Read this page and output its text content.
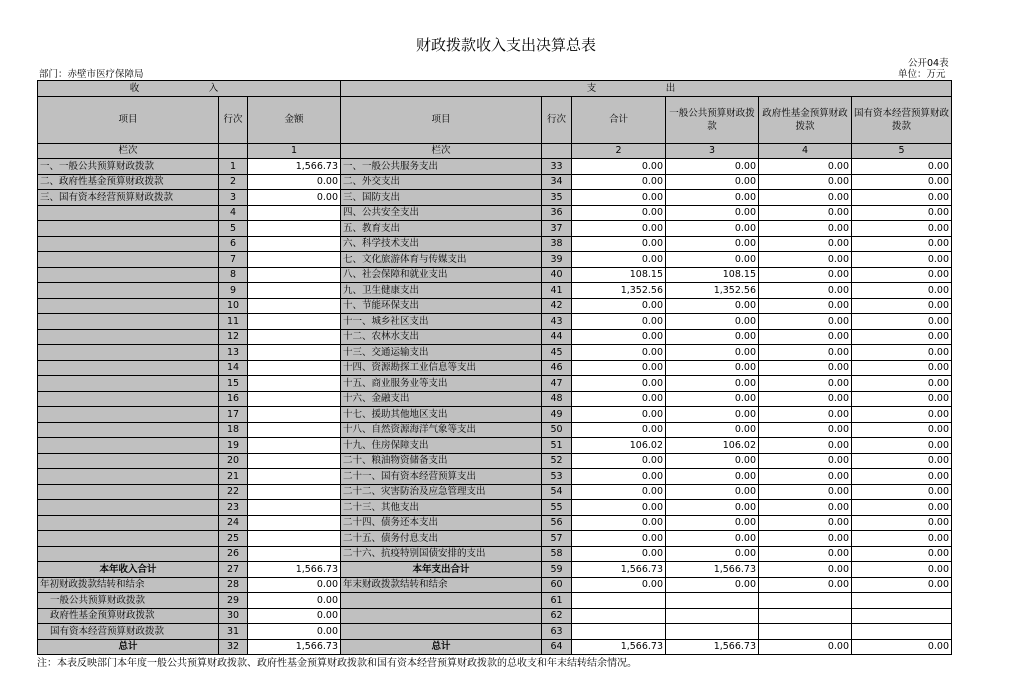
财政拨款收入支出决算总表
公开04表
部门：赤壁市医疗保障局	单位：万元
收　入			支　出					
项目	行次	金额	项目	行次	合计	一般公共预算财政拨款	政府性基金预算财政拨款	国有资本经营预算财政拨款
栏次		1	栏次		2	3	4	5
一、一般公共预算财政拨款	1	1,566.73	一、一般公共服务支出	33	0.00	0.00	0.00	0.00
二、政府性基金预算财政拨款	2	0.00	二、外交支出	34	0.00	0.00	0.00	0.00
三、国有资本经营预算财政拨款	3	0.00	三、国防支出	35	0.00	0.00	0.00	0.00
	4		四、公共安全支出	36	0.00	0.00	0.00	0.00
	5		五、教育支出	37	0.00	0.00	0.00	0.00
	6		六、科学技术支出	38	0.00	0.00	0.00	0.00
	7		七、文化旅游体育与传媒支出	39	0.00	0.00	0.00	0.00
	8		八、社会保障和就业支出	40	108.15	108.15	0.00	0.00
	9		九、卫生健康支出	41	1,352.56	1,352.56	0.00	0.00
	10		十、节能环保支出	42	0.00	0.00	0.00	0.00
	11		十一、城乡社区支出	43	0.00	0.00	0.00	0.00
	12		十二、农林水支出	44	0.00	0.00	0.00	0.00
	13		十三、交通运输支出	45	0.00	0.00	0.00	0.00
	14		十四、资源勘探工业信息等支出	46	0.00	0.00	0.00	0.00
	15		十五、商业服务业等支出	47	0.00	0.00	0.00	0.00
	16		十六、金融支出	48	0.00	0.00	0.00	0.00
	17		十七、援助其他地区支出	49	0.00	0.00	0.00	0.00
	18		十八、自然资源海洋气象等支出	50	0.00	0.00	0.00	0.00
	19		十九、住房保障支出	51	106.02	106.02	0.00	0.00
	20		二十、粮油物资储备支出	52	0.00	0.00	0.00	0.00
	21		二十一、国有资本经营预算支出	53	0.00	0.00	0.00	0.00
	22		二十二、灾害防治及应急管理支出	54	0.00	0.00	0.00	0.00
	23		二十三、其他支出	55	0.00	0.00	0.00	0.00
	24		二十四、债务还本支出	56	0.00	0.00	0.00	0.00
	25		二十五、债务付息支出	57	0.00	0.00	0.00	0.00
	26		二十六、抗疫特别国债安排的支出	58	0.00	0.00	0.00	0.00
本年收入合计	27	1,566.73	本年支出合计	59	1,566.73	1,566.73	0.00	0.00
年初财政拨款结转和结余	28	0.00	年末财政拨款结转和结余	60	0.00	0.00	0.00	0.00
一般公共预算财政拨款	29	0.00		61				
政府性基金预算财政拨款	30	0.00		62				
国有资本经营预算财政拨款	31	0.00		63				
总计	32	1,566.73	总计	64	1,566.73	1,566.73	0.00	0.00
注：本表反映部门本年度一般公共预算财政拨款、政府性基金预算财政拨款和国有资本经营预算财政拨款的总收支和年末结转结余情况。
